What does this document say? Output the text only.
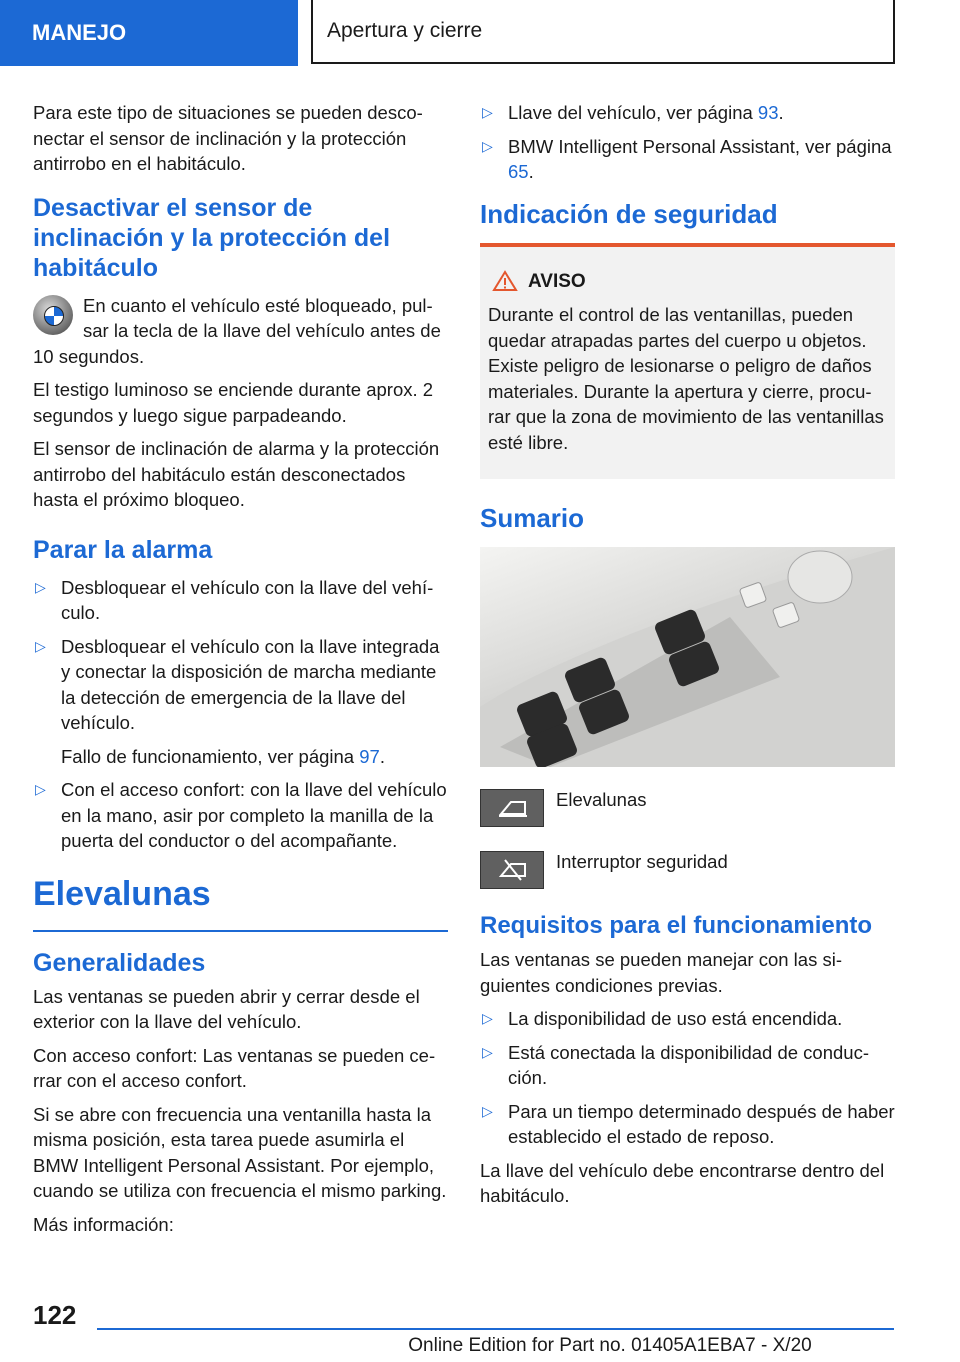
MANEJO	Apertura y cierre

Para este tipo de situaciones se pueden desconectar el sensor de inclinación y la protección antirrobo en el habitáculo.

Desactivar el sensor de inclinación y la protección del habitáculo

En cuanto el vehículo esté bloqueado, pulsar la tecla de la llave del vehículo antes de 10 segundos.

El testigo luminoso se enciende durante aprox. 2 segundos y luego sigue parpadeando.

El sensor de inclinación de alarma y la protección antirrobo del habitáculo están desconectados hasta el próximo bloqueo.

Parar la alarma
▷ Desbloquear el vehículo con la llave del vehículo.
▷ Desbloquear el vehículo con la llave integrada y conectar la disposición de marcha mediante la detección de emergencia de la llave del vehículo.

Fallo de funcionamiento, ver página 97.

▷ Con el acceso confort: con la llave del vehículo en la mano, asir por completo la manilla de la puerta del conductor o del acompañante.
Elevalunas
Generalidades

Las ventanas se pueden abrir y cerrar desde el exterior con la llave del vehículo.

Con acceso confort: Las ventanas se pueden cerrar con el acceso confort.

Si se abre con frecuencia una ventanilla hasta la misma posición, esta tarea puede asumirla el BMW Intelligent Personal Assistant. Por ejemplo, cuando se utiliza con frecuencia el mismo parking.

Más información:

▷ Llave del vehículo, ver página 93.
▷ BMW Intelligent Personal Assistant, ver página 65.
Indicación de seguridad
AVISO
Durante el control de las ventanillas, pueden quedar atrapadas partes del cuerpo u objetos. Existe peligro de lesionarse o peligro de daños materiales. Durante la apertura y cierre, procurar que la zona de movimiento de las ventanillas esté libre.
Sumario
Elevalunas
Interruptor seguridad
Requisitos para el funcionamiento

Las ventanas se pueden manejar con las siguientes condiciones previas.

▷ La disponibilidad de uso está encendida.
▷ Está conectada la disponibilidad de conducción.
▷ Para un tiempo determinado después de haber establecido el estado de reposo.

La llave del vehículo debe encontrarse dentro del habitáculo.

122
Online Edition for Part no. 01405A1EBA7 - X/20
